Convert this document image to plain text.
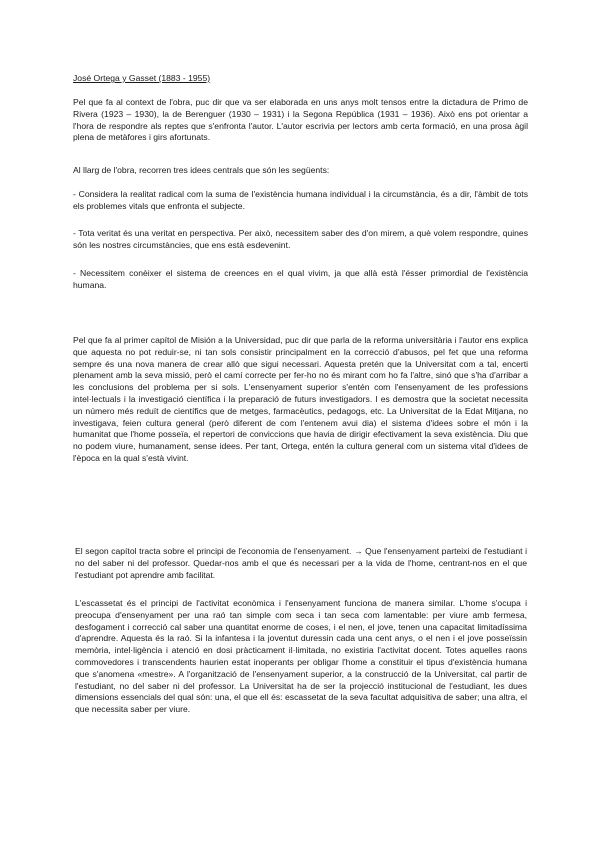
José Ortega y Gasset (1883 - 1955)

Pel que fa al context de l'obra, puc dir que va ser elaborada en uns anys molt tensos entre la dictadura de Primo de Rivera (1923 – 1930), la de Berenguer (1930 – 1931) i la Segona República (1931 – 1936). Això ens pot orientar a l'hora de respondre als reptes que s'enfronta l'autor. L'autor escrivia per lectors amb certa formació, en una prosa àgil plena de metàfores i girs afortunats.

Al llarg de l'obra, recorren tres idees centrals que són les següents:

- Considera la realitat radical com la suma de l'existència humana individual i la circumstància, és a dir, l'àmbit de tots els problemes vitals que enfronta el subjecte.

- Tota veritat és una veritat en perspectiva. Per això, necessitem saber des d'on mirem, a què volem respondre, quines són les nostres circumstàncies, que ens està esdevenint.

- Necessitem conèixer el sistema de creences en el qual vivim, ja que allà està l'ésser primordial de l'existència humana.

Pel que fa al primer capítol de Misión a la Universidad, puc dir que parla de la reforma universitària i l'autor ens explica que aquesta no pot reduir-se, ni tan sols consistir principalment en la correcció d'abusos, pel fet que una reforma sempre és una nova manera de crear allò que sigui necessari. Aquesta pretén que la Universitat com a tal, encerti plenament amb la seva missió, però el camí correcte per fer-ho no és mirant com ho fa l'altre, sinó que s'ha d'arribar a les conclusions del problema per si sols. L'ensenyament superior s'entén com l'ensenyament de les professions intel·lectuals i la investigació científica i la preparació de futurs investigadors. I es demostra que la societat necessita un número més reduït de científics que de metges, farmacèutics, pedagogs, etc. La Universitat de la Edat Mitjana, no investigava, feien cultura general (però diferent de com l'entenem avui dia) el sistema d'idees sobre el món i la humanitat que l'home posseïa, el repertori de conviccions que havia de dirigir efectivament la seva existència. Diu que no podem viure, humanament, sense idees. Per tant, Ortega, entén la cultura general com un sistema vital d'idees de l'època en la qual s'està vivint.

El segon capítol tracta sobre el principi de l'economia de l'ensenyament. → Que l'ensenyament parteixi de l'estudiant i no del saber ni del professor. Quedar-nos amb el que és necessari per a la vida de l'home, centrant-nos en el que l'estudiant pot aprendre amb facilitat.

L'escassetat és el principi de l'activitat econòmica i l'ensenyament funciona de manera similar. L'home s'ocupa i preocupa d'ensenyament per una raó tan simple com seca i tan seca com lamentable: per viure amb fermesa, desfogament i correcció cal saber una quantitat enorme de coses, i el nen, el jove, tenen una capacitat limitadíssima d'aprendre. Aquesta és la raó. Si la infantesa i la joventut duressin cada una cent anys, o el nen i el jove posseïssin memòria, intel·ligència i atenció en dosi pràcticament il·limitada, no existiria l'activitat docent. Totes aquelles raons commovedores i transcendents haurien estat inoperants per obligar l'home a constituir el tipus d'existència humana que s'anomena «mestre». A l'organització de l'ensenyament superior, a la construcció de la Universitat, cal partir de l'estudiant, no del saber ni del professor. La Universitat ha de ser la projecció institucional de l'estudiant, les dues dimensions essencials del qual són: una, el que ell és: escassetat de la seva facultat adquisitiva de saber; una altra, el que necessita saber per viure.
